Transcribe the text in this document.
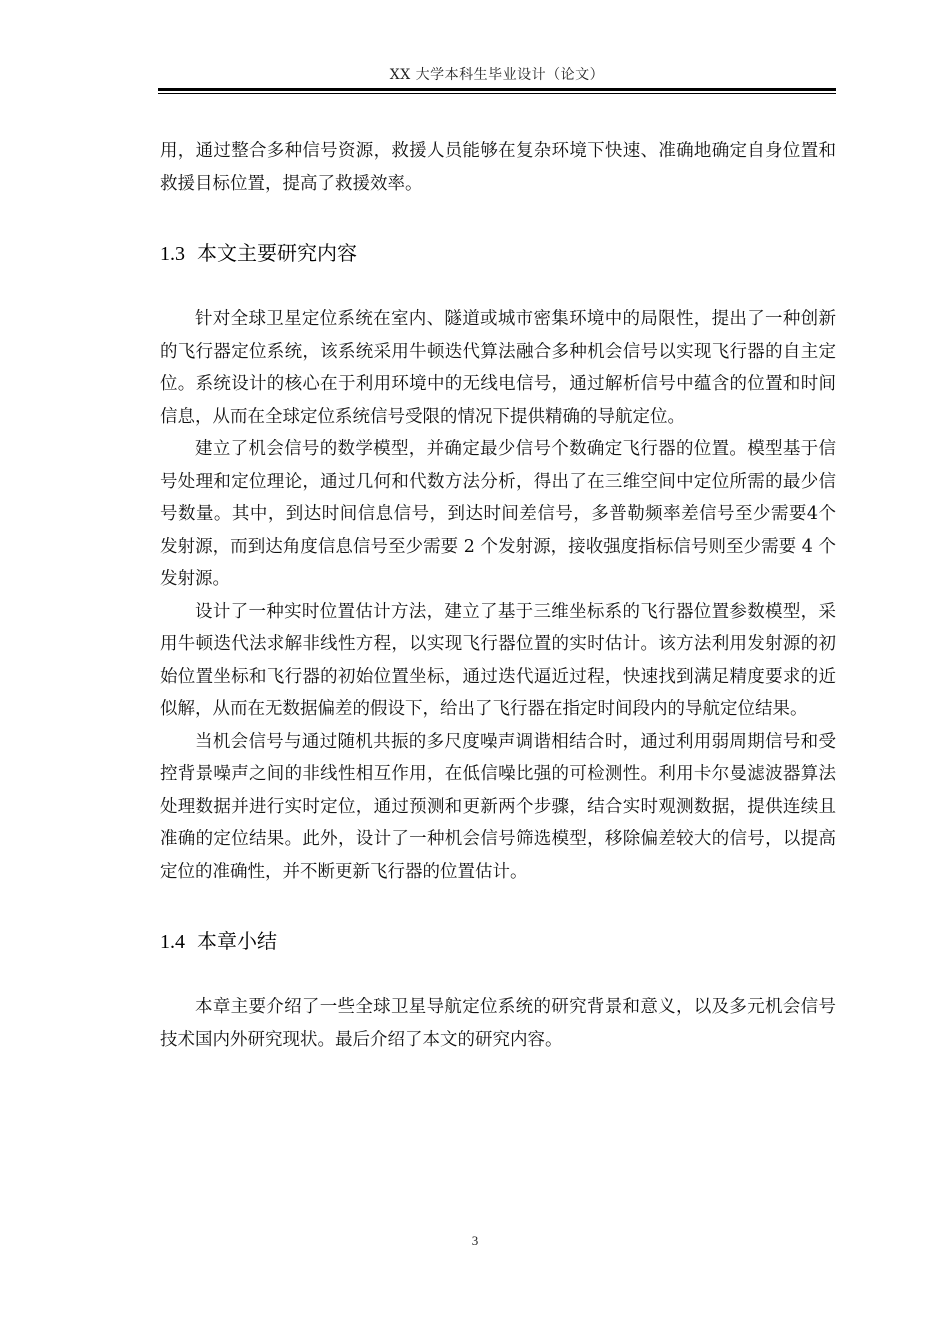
XX 大学本科生毕业设计（论文）

用，通过整合多种信号资源，救援人员能够在复杂环境下快速、准确地确定自身位置和救援目标位置，提高了救援效率。

1.3 本文主要研究内容

针对全球卫星定位系统在室内、隧道或城市密集环境中的局限性，提出了一种创新的飞行器定位系统，该系统采用牛顿迭代算法融合多种机会信号以实现飞行器的自主定位。系统设计的核心在于利用环境中的无线电信号，通过解析信号中蕴含的位置和时间信息，从而在全球定位系统信号受限的情况下提供精确的导航定位。

建立了机会信号的数学模型，并确定最少信号个数确定飞行器的位置。模型基于信号处理和定位理论，通过几何和代数方法分析，得出了在三维空间中定位所需的最少信号数量。其中，到达时间信息信号，到达时间差信号，多普勒频率差信号至少需要4个发射源，而到达角度信息信号至少需要 2 个发射源，接收强度指标信号则至少需要 4 个发射源。

设计了一种实时位置估计方法，建立了基于三维坐标系的飞行器位置参数模型，采用牛顿迭代法求解非线性方程，以实现飞行器位置的实时估计。该方法利用发射源的初始位置坐标和飞行器的初始位置坐标，通过迭代逼近过程，快速找到满足精度要求的近似解，从而在无数据偏差的假设下，给出了飞行器在指定时间段内的导航定位结果。

当机会信号与通过随机共振的多尺度噪声调谐相结合时，通过利用弱周期信号和受控背景噪声之间的非线性相互作用，在低信噪比强的可检测性。利用卡尔曼滤波器算法处理数据并进行实时定位，通过预测和更新两个步骤，结合实时观测数据，提供连续且准确的定位结果。此外，设计了一种机会信号筛选模型，移除偏差较大的信号，以提高定位的准确性，并不断更新飞行器的位置估计。

1.4 本章小结

本章主要介绍了一些全球卫星导航定位系统的研究背景和意义，以及多元机会信号技术国内外研究现状。最后介绍了本文的研究内容。

3
